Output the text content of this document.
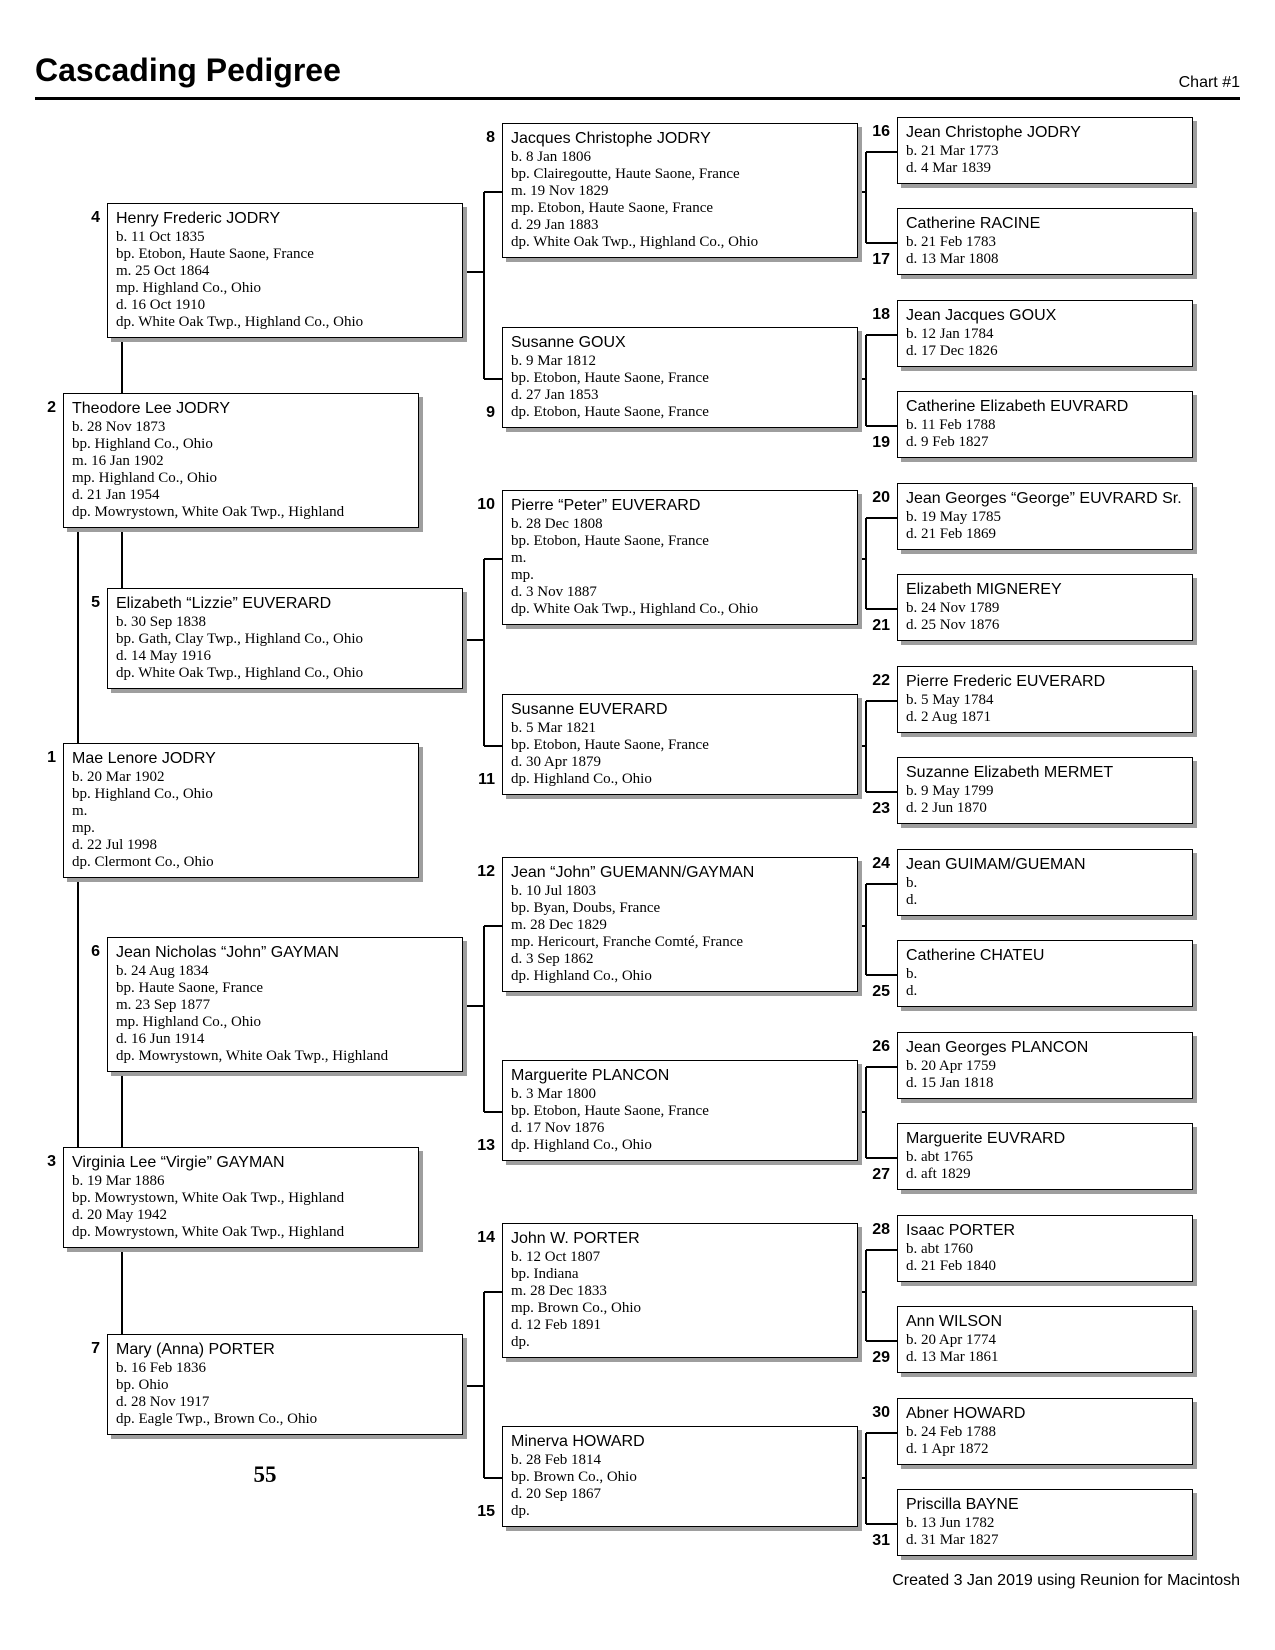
Cascading Pedigree	Chart #1
Mae Lenore JODRY
b. 20 Mar 1902
bp. Highland Co., Ohio
m.
mp.
d. 22 Jul 1998
dp. Clermont Co., Ohio
1
Theodore Lee JODRY
b. 28 Nov 1873
bp. Highland Co., Ohio
m. 16 Jan 1902
mp. Highland Co., Ohio
d. 21 Jan 1954
dp. Mowrystown, White Oak Twp., Highland
2
Virginia Lee “Virgie” GAYMAN
b. 19 Mar 1886
bp. Mowrystown, White Oak Twp., Highland
d. 20 May 1942
dp. Mowrystown, White Oak Twp., Highland
3
Henry Frederic JODRY
b. 11 Oct 1835
bp. Etobon, Haute Saone, France
m. 25 Oct 1864
mp. Highland Co., Ohio
d. 16 Oct 1910
dp. White Oak Twp., Highland Co., Ohio
4
Elizabeth “Lizzie” EUVERARD
b. 30 Sep 1838
bp. Gath, Clay Twp., Highland Co., Ohio
d. 14 May 1916
dp. White Oak Twp., Highland Co., Ohio
5
Jean Nicholas “John” GAYMAN
b. 24 Aug 1834
bp. Haute Saone, France
m. 23 Sep 1877
mp. Highland Co., Ohio
d. 16 Jun 1914
dp. Mowrystown, White Oak Twp., Highland
6
Mary (Anna) PORTER
b. 16 Feb 1836
bp. Ohio
d. 28 Nov 1917
dp. Eagle Twp., Brown Co., Ohio
7
Jacques Christophe JODRY
b. 8 Jan 1806
bp. Clairegoutte, Haute Saone, France
m. 19 Nov 1829
mp. Etobon, Haute Saone, France
d. 29 Jan 1883
dp. White Oak Twp., Highland Co., Ohio
8
Susanne GOUX
b. 9 Mar 1812
bp. Etobon, Haute Saone, France
d. 27 Jan 1853
dp. Etobon, Haute Saone, France
9
Pierre “Peter” EUVERARD
b. 28 Dec 1808
bp. Etobon, Haute Saone, France
m.
mp.
d. 3 Nov 1887
dp. White Oak Twp., Highland Co., Ohio
10
Susanne EUVERARD
b. 5 Mar 1821
bp. Etobon, Haute Saone, France
d. 30 Apr 1879
dp. Highland Co., Ohio
11
Jean “John” GUEMANN/GAYMAN
b. 10 Jul 1803
bp. Byan, Doubs, France
m. 28 Dec 1829
mp. Hericourt, Franche Comté, France
d. 3 Sep 1862
dp. Highland Co., Ohio
12
Marguerite PLANCON
b. 3 Mar 1800
bp. Etobon, Haute Saone, France
d. 17 Nov 1876
dp. Highland Co., Ohio
13
John W. PORTER
b. 12 Oct 1807
bp. Indiana
m. 28 Dec 1833
mp. Brown Co., Ohio
d. 12 Feb 1891
dp.
14
Minerva HOWARD
b. 28 Feb 1814
bp. Brown Co., Ohio
d. 20 Sep 1867
dp.
15
Jean Christophe JODRY
b. 21 Mar 1773
d. 4 Mar 1839
16
Catherine RACINE
b. 21 Feb 1783
d. 13 Mar 1808
17
Jean Jacques GOUX
b. 12 Jan 1784
d. 17 Dec 1826
18
Catherine Elizabeth EUVRARD
b. 11 Feb 1788
d. 9 Feb 1827
19
Jean Georges “George” EUVRARD Sr.
b. 19 May 1785
d. 21 Feb 1869
20
Elizabeth MIGNEREY
b. 24 Nov 1789
d. 25 Nov 1876
21
Pierre Frederic EUVERARD
b. 5 May 1784
d. 2 Aug 1871
22
Suzanne Elizabeth MERMET
b. 9 May 1799
d. 2 Jun 1870
23
Jean GUIMAM/GUEMAN
b.
d.
24
Catherine CHATEU
b.
d.
25
Jean Georges PLANCON
b. 20 Apr 1759
d. 15 Jan 1818
26
Marguerite EUVRARD
b. abt 1765
d. aft 1829
27
Isaac PORTER
b. abt 1760
d. 21 Feb 1840
28
Ann WILSON
b. 20 Apr 1774
d. 13 Mar 1861
29
Abner HOWARD
b. 24 Feb 1788
d. 1 Apr 1872
30
Priscilla BAYNE
b. 13 Jun 1782
d. 31 Mar 1827
31
55
Created 3 Jan 2019 using Reunion for Macintosh
